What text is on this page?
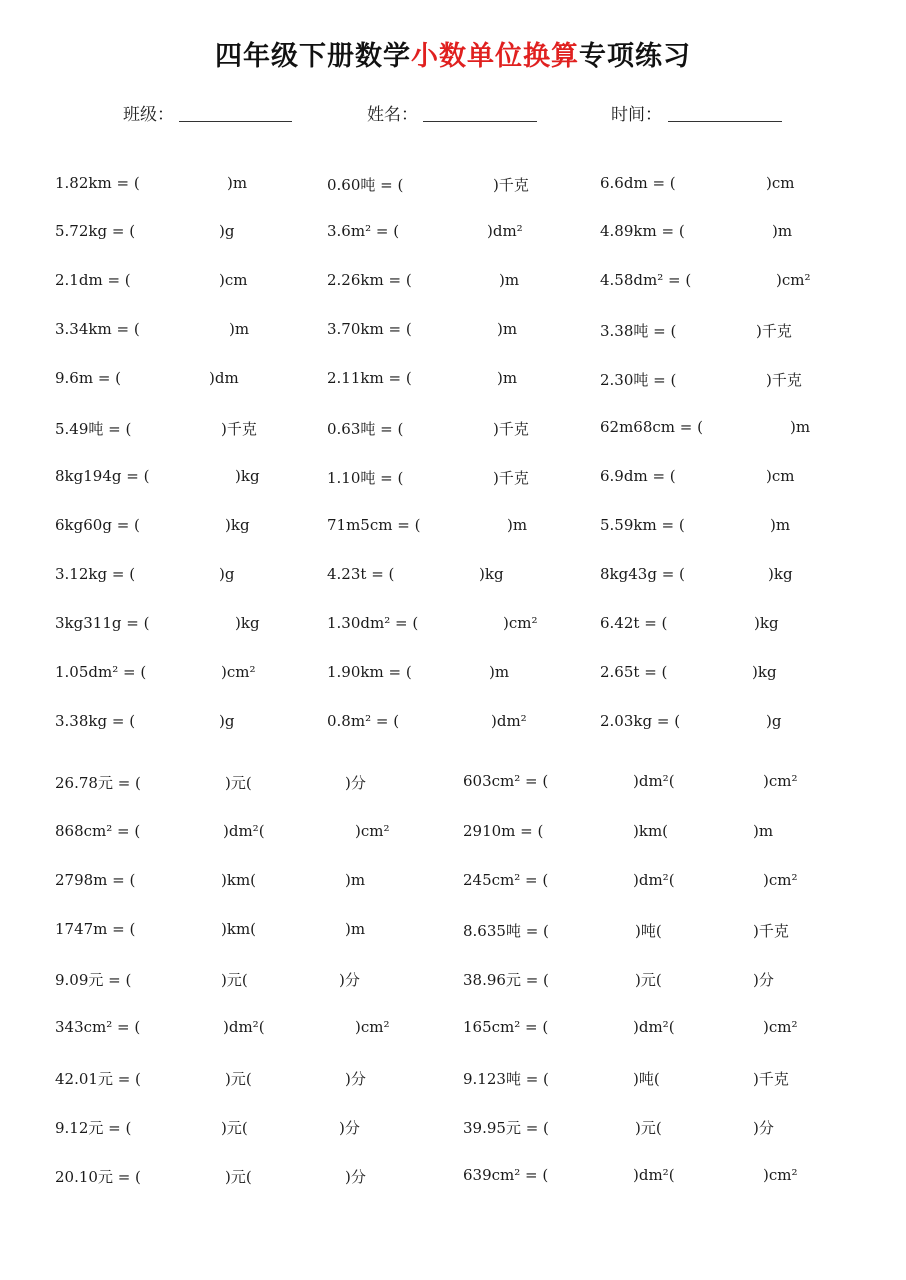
四年级下册数学小数单位换算专项练习
班级：	姓名：	时间：
1.82km = (	)m	0.60吨 = (	)千克	6.6dm = (	)cm
5.72kg = (	)g	3.6m² = (	)dm²	4.89km = (	)m
2.1dm = (	)cm	2.26km = (	)m	4.58dm² = (	)cm²
3.34km = (	)m	3.70km = (	)m	3.38吨 = (	)千克
9.6m = (	)dm	2.11km = (	)m	2.30吨 = (	)千克
5.49吨 = (	)千克	0.63吨 = (	)千克	62m68cm = (	)m
8kg194g = (	)kg	1.10吨 = (	)千克	6.9dm = (	)cm
6kg60g = (	)kg	71m5cm = (	)m	5.59km = (	)m
3.12kg = (	)g	4.23t = (	)kg	8kg43g = (	)kg
3kg311g = (	)kg	1.30dm² = (	)cm²	6.42t = (	)kg
1.05dm² = (	)cm²	1.90km = (	)m	2.65t = (	)kg
3.38kg = (	)g	0.8m² = (	)dm²	2.03kg = (	)g
26.78元 = (	)元(	)分	603cm² = (	)dm²(	)cm²
868cm² = (	)dm²(	)cm²	2910m = (	)km(	)m
2798m = (	)km(	)m	245cm² = (	)dm²(	)cm²
1747m = (	)km(	)m	8.635吨 = (	)吨(	)千克
9.09元 = (	)元(	)分	38.96元 = (	)元(	)分
343cm² = (	)dm²(	)cm²	165cm² = (	)dm²(	)cm²
42.01元 = (	)元(	)分	9.123吨 = (	)吨(	)千克
9.12元 = (	)元(	)分	39.95元 = (	)元(	)分
20.10元 = (	)元(	)分	639cm² = (	)dm²(	)cm²
